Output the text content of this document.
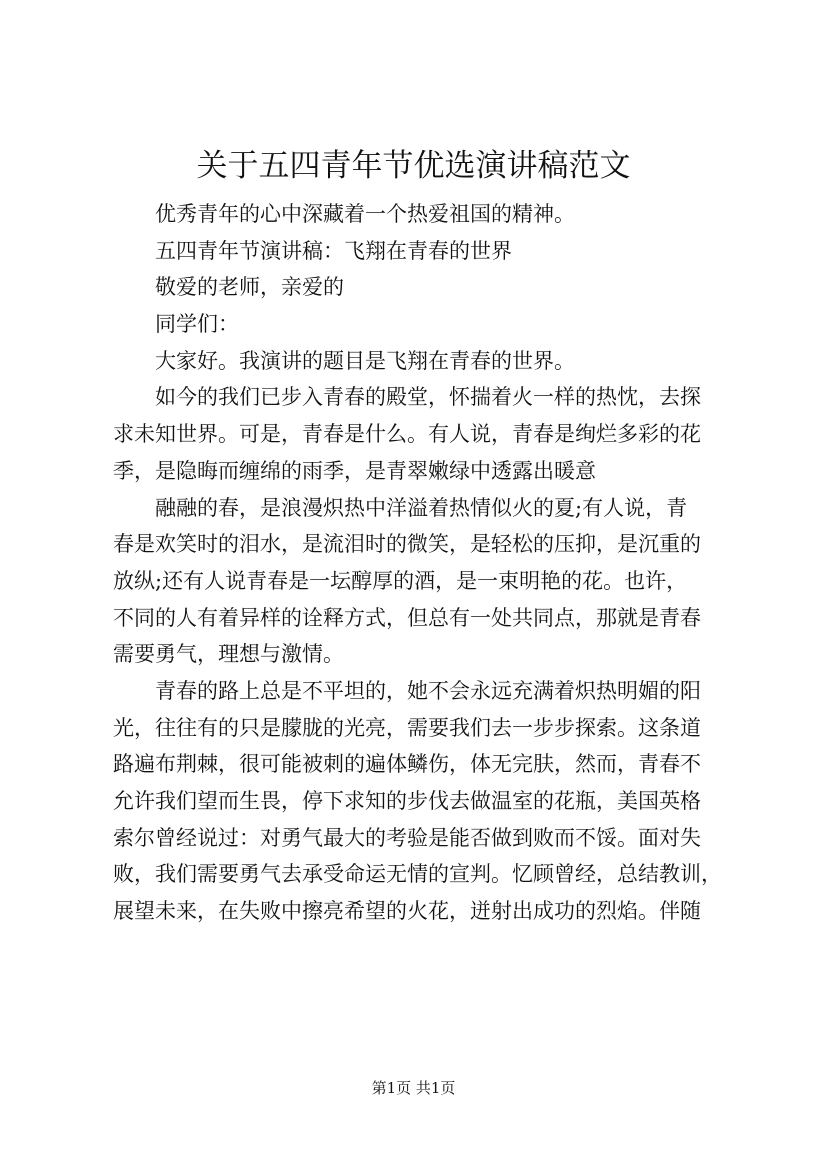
关于五四青年节优选演讲稿范文

优秀青年的心中深藏着一个热爱祖国的精神。

五四青年节演讲稿：飞翔在青春的世界

敬爱的老师，亲爱的

同学们：

大家好。我演讲的题目是飞翔在青春的世界。

如今的我们已步入青春的殿堂，怀揣着火一样的热忱，去探

求未知世界。可是，青春是什么。有人说，青春是绚烂多彩的花

季，是隐晦而缠绵的雨季，是青翠嫩绿中透露出暖意

融融的春，是浪漫炽热中洋溢着热情似火的夏;有人说，青

春是欢笑时的泪水，是流泪时的微笑，是轻松的压抑，是沉重的

放纵;还有人说青春是一坛醇厚的酒，是一束明艳的花。也许，

不同的人有着异样的诠释方式，但总有一处共同点，那就是青春

需要勇气，理想与激情。

青春的路上总是不平坦的，她不会永远充满着炽热明媚的阳

光，往往有的只是朦胧的光亮，需要我们去一步步探索。这条道

路遍布荆棘，很可能被刺的遍体鳞伤，体无完肤，然而，青春不

允许我们望而生畏，停下求知的步伐去做温室的花瓶，美国英格

索尔曾经说过：对勇气最大的考验是能否做到败而不馁。面对失

败，我们需要勇气去承受命运无情的宣判。忆顾曾经，总结教训，

展望未来，在失败中擦亮希望的火花，迸射出成功的烈焰。伴随

第1页 共1页
